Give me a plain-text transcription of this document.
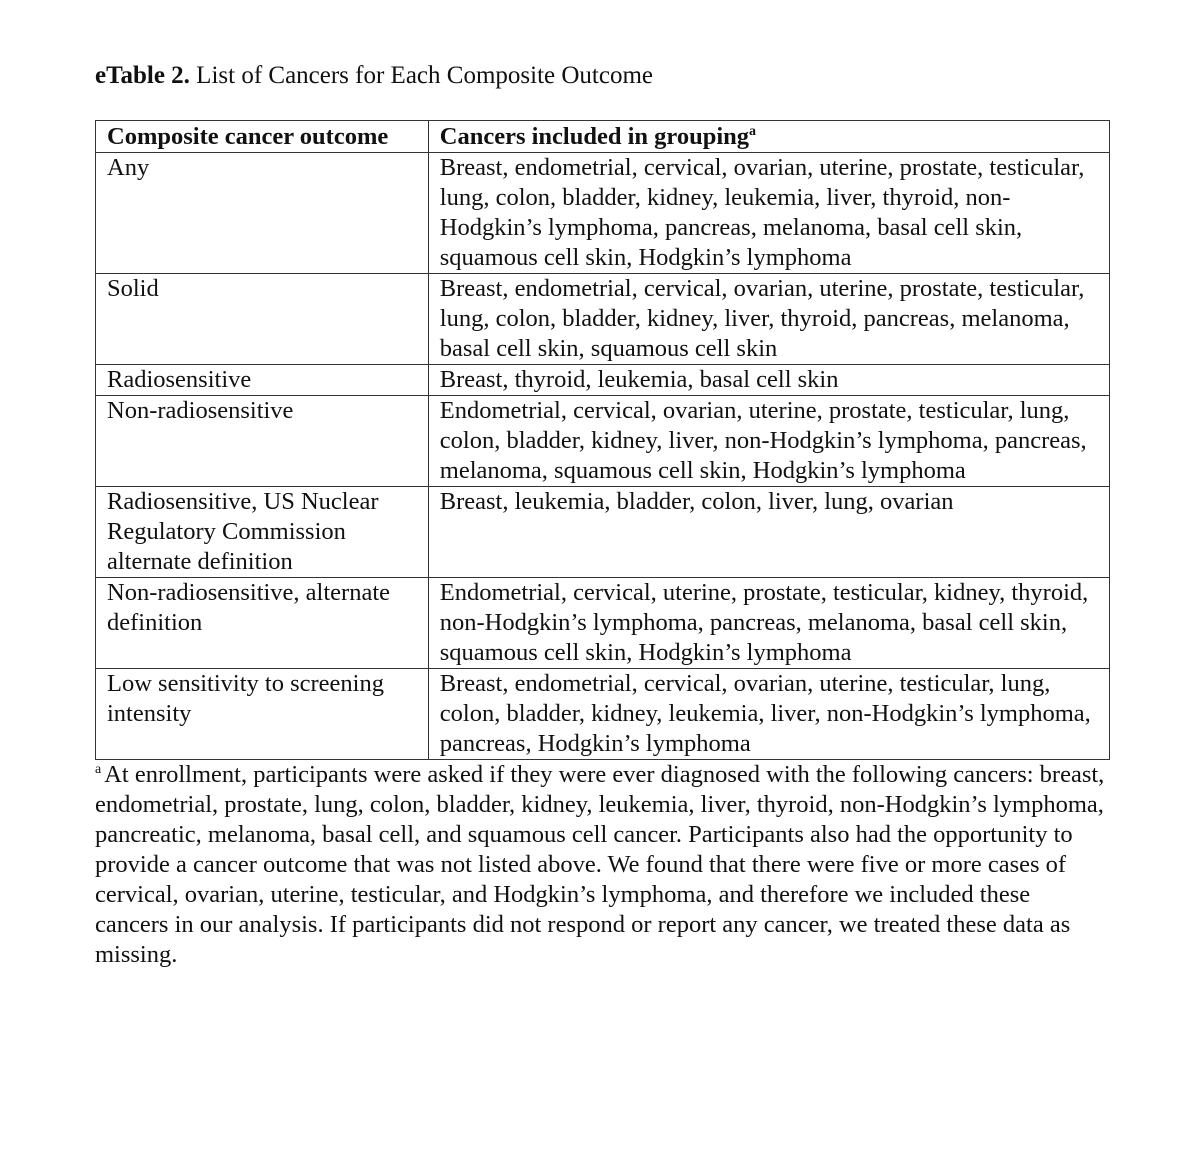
eTable 2. List of Cancers for Each Composite Outcome
Composite cancer outcome	Cancers included in grouping$^a$
Any	Breast, endometrial, cervical, ovarian, uterine, prostate, testicular, lung, colon, bladder, kidney, leukemia, liver, thyroid, non-Hodgkin’s lymphoma, pancreas, melanoma, basal cell skin, squamous cell skin, Hodgkin’s lymphoma
Solid	Breast, endometrial, cervical, ovarian, uterine, prostate, testicular, lung, colon, bladder, kidney, liver, thyroid, pancreas, melanoma, basal cell skin, squamous cell skin
Radiosensitive	Breast, thyroid, leukemia, basal cell skin
Non-radiosensitive	Endometrial, cervical, ovarian, uterine, prostate, testicular, lung, colon, bladder, kidney, liver, non-Hodgkin’s lymphoma, pancreas, melanoma, squamous cell skin, Hodgkin’s lymphoma
Radiosensitive, US Nuclear Regulatory Commission alternate definition	Breast, leukemia, bladder, colon, liver, lung, ovarian
Non-radiosensitive, alternate definition	Endometrial, cervical, uterine, prostate, testicular, kidney, thyroid, non-Hodgkin’s lymphoma, pancreas, melanoma, basal cell skin, squamous cell skin, Hodgkin’s lymphoma
Low sensitivity to screening intensity	Breast, endometrial, cervical, ovarian, uterine, testicular, lung, colon, bladder, kidney, leukemia, liver, non-Hodgkin’s lymphoma, pancreas, Hodgkin’s lymphoma
$^a$ At enrollment, participants were asked if they were ever diagnosed with the following cancers: breast, endometrial, prostate, lung, colon, bladder, kidney, leukemia, liver, thyroid, non-Hodgkin’s lymphoma, pancreatic, melanoma, basal cell, and squamous cell cancer. Participants also had the opportunity to provide a cancer outcome that was not listed above. We found that there were five or more cases of cervical, ovarian, uterine, testicular, and Hodgkin’s lymphoma, and therefore we included these cancers in our analysis. If participants did not respond or report any cancer, we treated these data as missing.
